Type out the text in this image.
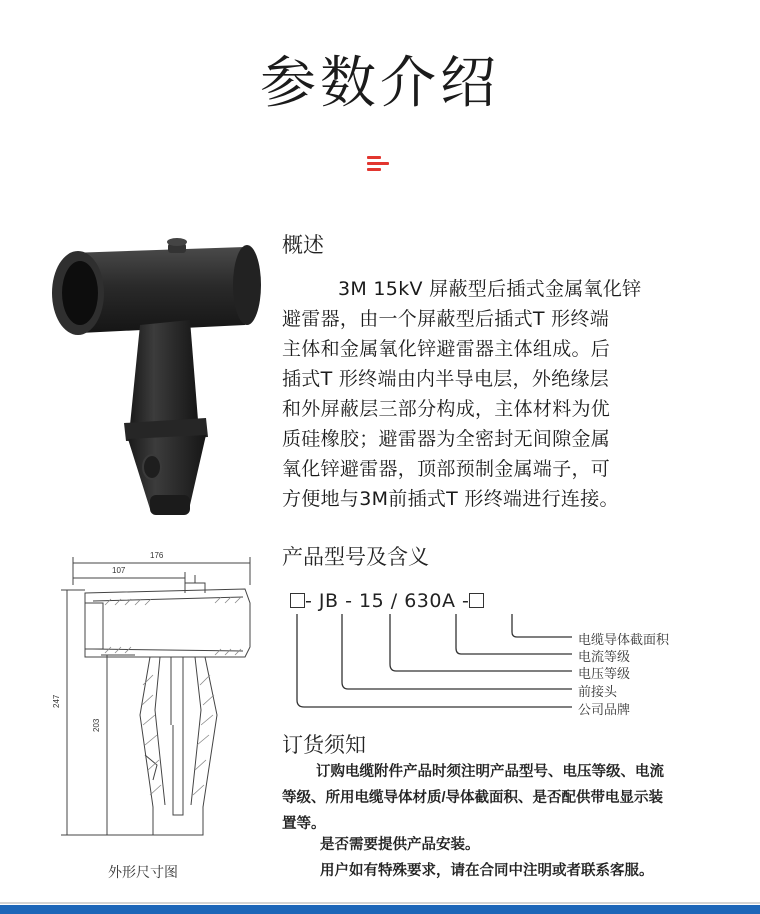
参数介绍
概述
3M 15kV 屏蔽型后插式金属氧化锌
避雷器，由一个屏蔽型后插式T 形终端
主体和金属氧化锌避雷器主体组成。后
插式T 形终端由内半导电层，外绝缘层
和外屏蔽层三部分构成，主体材料为优
质硅橡胶；避雷器为全密封无间隙金属
氧化锌避雷器，顶部预制金属端子，可
方便地与3M前插式T 形终端进行连接。
176
107
247
203
外形尺寸图
产品型号及含义
- JB - 15 / 630A -
电缆导体截面积
电流等级
电压等级
前接头
公司品牌
订货须知
订购电缆附件产品时须注明产品型号、电压等级、电流
等级、所用电缆导体材质/导体截面积、是否配供带电显示装
置等。
是否需要提供产品安装。
用户如有特殊要求，请在合同中注明或者联系客服。
